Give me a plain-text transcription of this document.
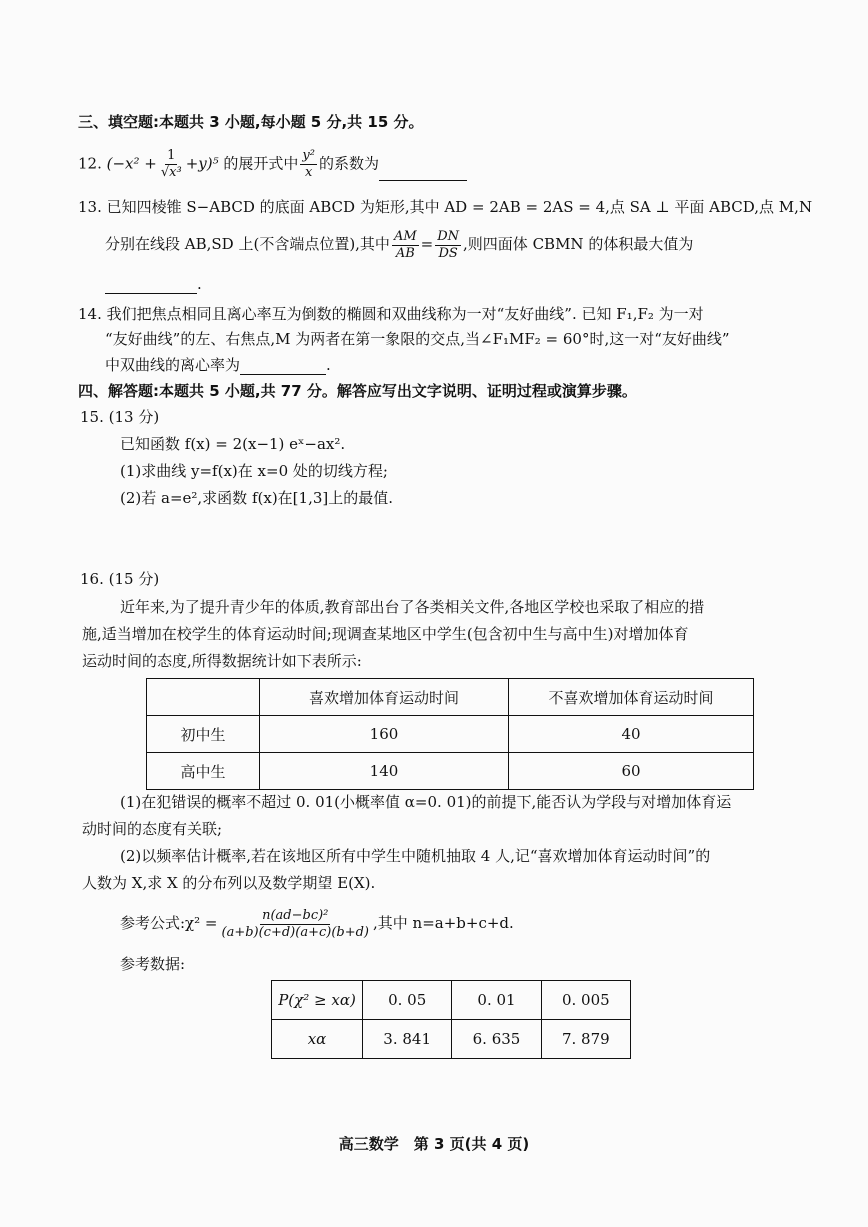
三、填空题:本题共 3 小题,每小题 5 分,共 15 分。
12. $(-x^2 + \frac{1}{\text{√x³}} +y)^5$ 的展开式中 $\frac{\text{y²}}{x}$ 的系数为
13. 已知四棱锥 S−ABCD 的底面 ABCD 为矩形,其中 AD = 2AB = 2AS = 4,点 SA ⊥ 平面 ABCD,点 M,N
分别在线段 AB,SD 上(不含端点位置),其中 $\frac{AM}{AB} = \frac{DN}{DS}$ ,则四面体 CBMN 的体积最大值为
.
14. 我们把焦点相同且离心率互为倒数的椭圆和双曲线称为一对“友好曲线”. 已知 F₁,F₂ 为一对
“友好曲线”的左、右焦点,M 为两者在第一象限的交点,当∠F₁MF₂ = 60°时,这一对“友好曲线”
中双曲线的离心率为	.
四、解答题:本题共 5 小题,共 77 分。解答应写出文字说明、证明过程或演算步骤。
15. (13 分)
已知函数 f(x) = 2(x−1) eˣ−ax².
(1)求曲线 y=f(x)在 x=0 处的切线方程;
(2)若 a=e²,求函数 f(x)在[1,3]上的最值.
16. (15 分)
近年来,为了提升青少年的体质,教育部出台了各类相关文件,各地区学校也采取了相应的措
施,适当增加在校学生的体育运动时间;现调查某地区中学生(包含初中生与高中生)对增加体育
运动时间的态度,所得数据统计如下表所示:
	喜欢增加体育运动时间	不喜欢增加体育运动时间
初中生	160	40
高中生	140	60
(1)在犯错误的概率不超过 0. 01(小概率值 α=0. 01)的前提下,能否认为学段与对增加体育运
动时间的态度有关联;
(2)以频率估计概率,若在该地区所有中学生中随机抽取 4 人,记“喜欢增加体育运动时间”的
人数为 X,求 X 的分布列以及数学期望 E(X).
参考公式:χ² = $\frac{\text{n(ad−bc)²}}{(a+b)(c+d)(a+c)(b+d)}$ ,其中 n=a+b+c+d.
参考数据:
P(χ² ≥ xα)	0. 05	0. 01	0. 005
xα	3. 841	6. 635	7. 879
高三数学　第 3 页(共 4 页)
